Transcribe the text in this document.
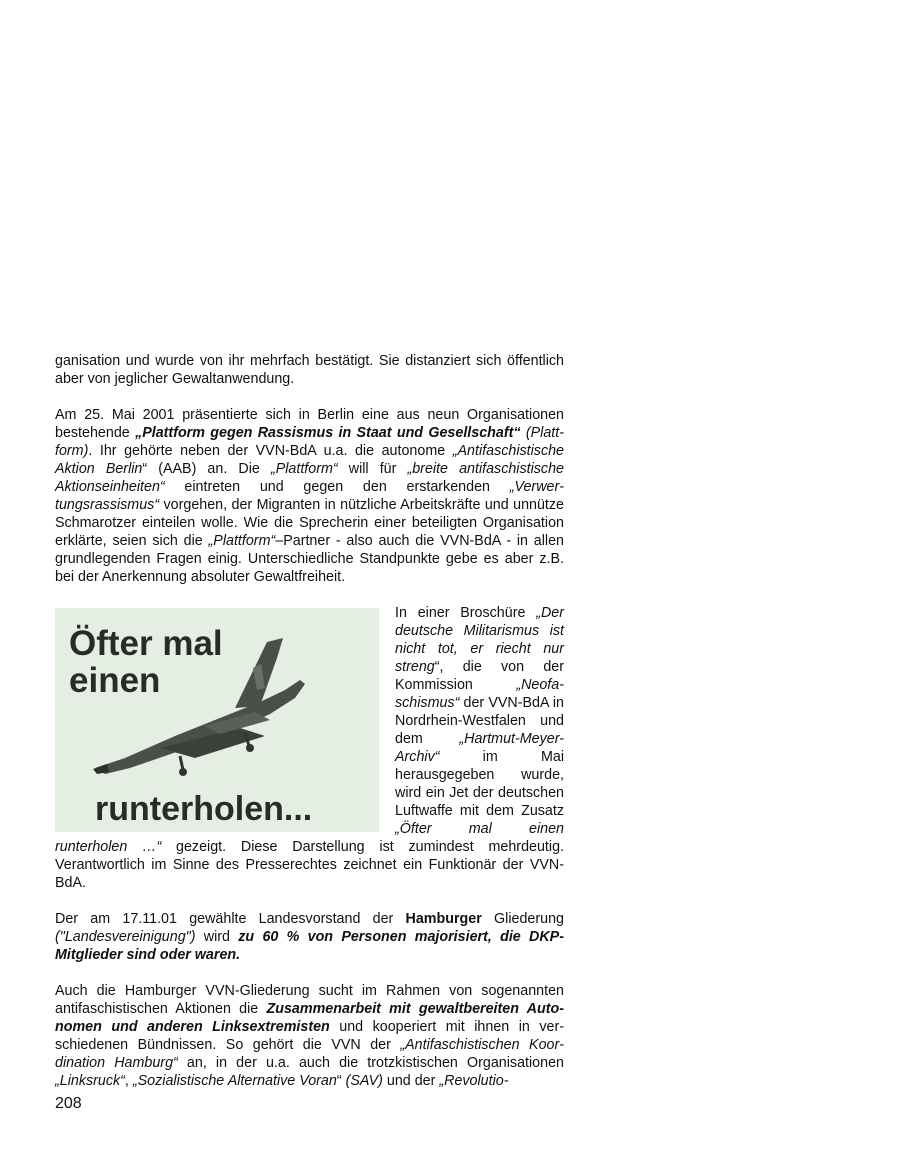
ganisation und wurde von ihr mehrfach bestätigt. Sie distanziert sich öffentlich aber von jeglicher Gewaltanwendung.

Am 25. Mai 2001 präsentierte sich in Berlin eine aus neun Organisationen bestehende „Plattform gegen Rassismus in Staat und Gesellschaft“ (Plattform). Ihr gehörte neben der VVN-BdA u.a. die autonome „Antifaschistische Aktion Berlin“ (AAB) an. Die „Plattform“ will für „breite antifaschistische Aktionseinheiten“ eintreten und gegen den erstarkenden „Verwertungsrassismus“ vorgehen, der Migranten in nützliche Arbeitskräfte und unnütze Schmarotzer einteilen wolle. Wie die Sprecherin einer beteiligten Organisation erklärte, seien sich die „Plattform“–Partner - also auch die VVN-BdA - in allen grundlegenden Fragen einig. Unterschiedliche Standpunkte gebe es aber z.B. bei der Anerkennung absoluter Gewaltfreiheit.

Öfter mal
einen
runterholen...
In einer Broschüre „Der deutsche Militarismus ist nicht tot, er riecht nur streng“, die von der Kommission „Neofaschismus“ der VVN-BdA in Nordrhein-Westfalen und dem „Hartmut-Meyer-Archiv“ im Mai herausgegeben wurde, wird ein Jet der deutschen Luftwaffe mit dem Zusatz „Öfter mal einen runterholen …“ gezeigt. Diese Darstellung ist zumindest mehrdeutig. Verantwortlich im Sinne des Presserechtes zeichnet ein Funktionär der VVN-BdA.

Der am 17.11.01 gewählte Landesvorstand der Hamburger Gliederung ("Landesvereinigung") wird zu 60 % von Personen majorisiert, die DKP-Mitglieder sind oder waren.

Auch die Hamburger VVN-Gliederung sucht im Rahmen von sogenannten antifaschistischen Aktionen die Zusammenarbeit mit gewaltbereiten Autonomen und anderen Linksextremisten und kooperiert mit ihnen in verschiedenen Bündnissen. So gehört die VVN der „Antifaschistischen Koordination Hamburg“ an, in der u.a. auch die trotzkistischen Organisationen „Linksruck“, „Sozialistische Alternative Voran“ (SAV) und der „Revolutio-

208
